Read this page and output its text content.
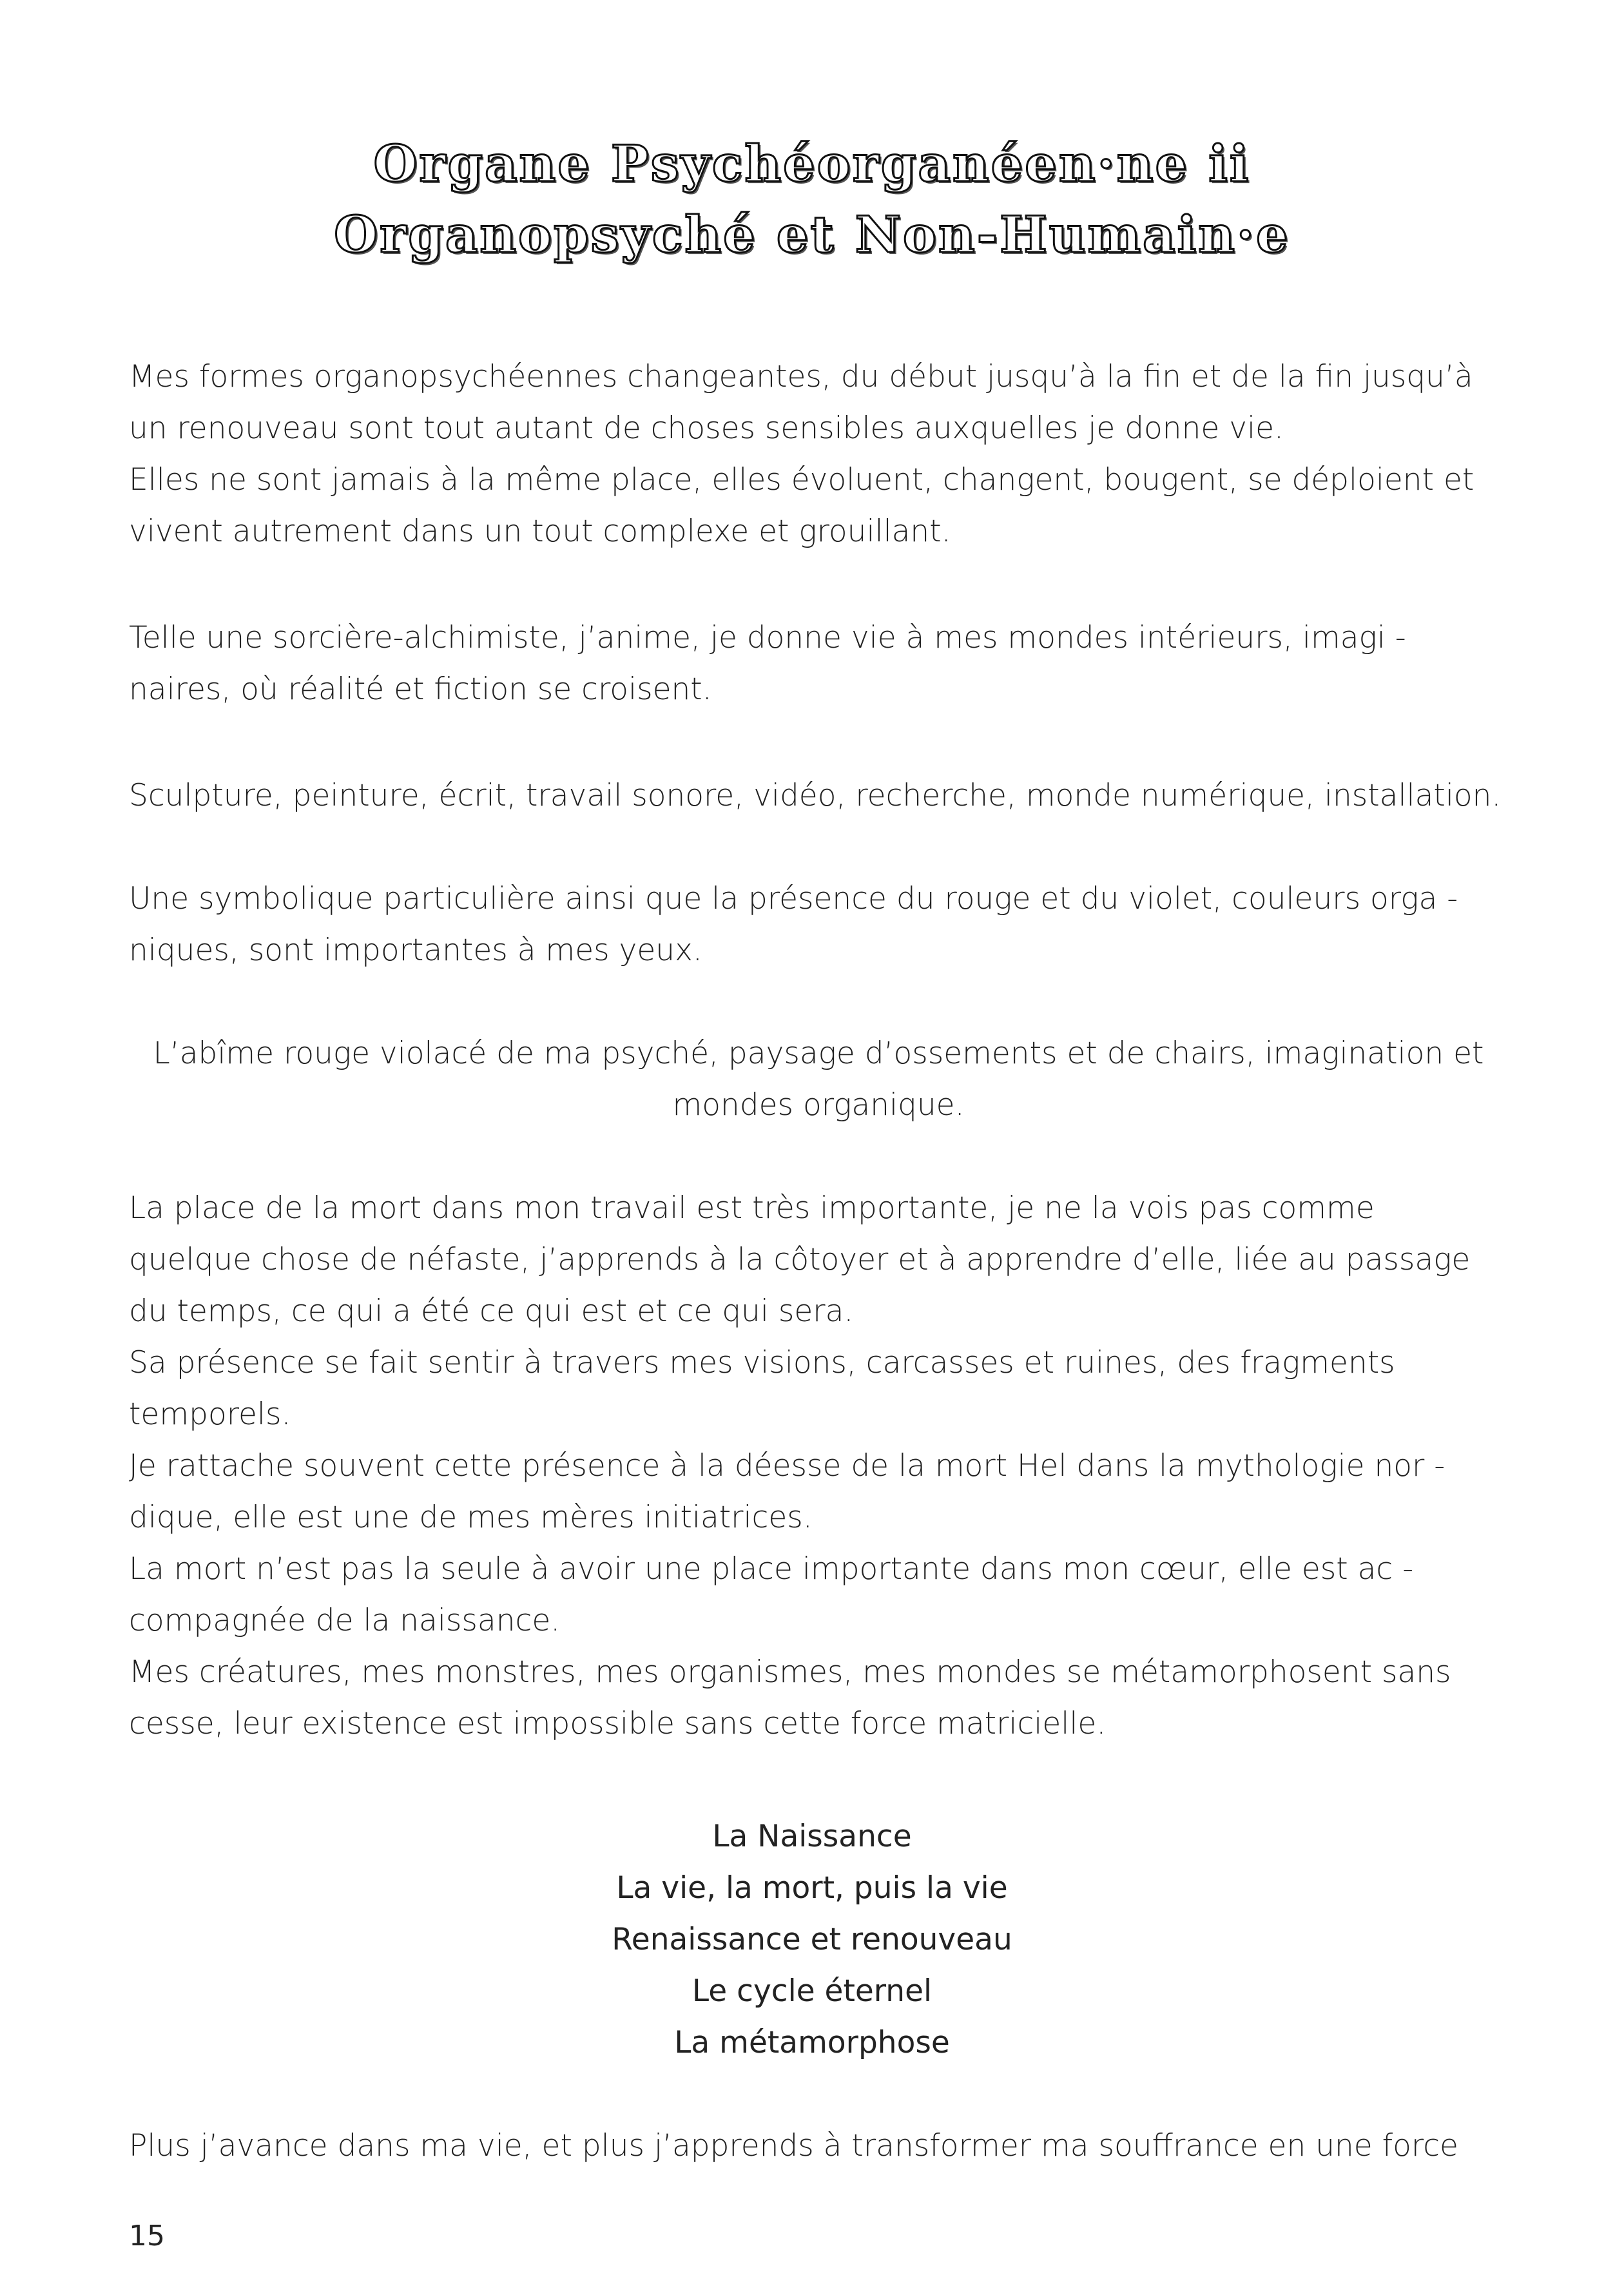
Organe Psychéorganéen·ne ii
Organopsyché et Non-Humain·e
Mes formes organopsychéennes changeantes, du début jusqu’à la fin et de la fin jusqu’à
un renouveau sont tout autant de choses sensibles auxquelles je donne vie.
Elles ne sont jamais à la même place, elles évoluent, changent, bougent, se déploient et
vivent autrement dans un tout complexe et grouillant.
Telle une sorcière-alchimiste, j’anime, je donne vie à mes mondes intérieurs, imagi -
naires, où réalité et fiction se croisent.
Sculpture, peinture, écrit, travail sonore, vidéo, recherche, monde numérique, installation.
Une symbolique particulière ainsi que la présence du rouge et du violet, couleurs orga -
niques, sont importantes à mes yeux.
L’abîme rouge violacé de ma psyché, paysage d’ossements et de chairs, imagination et
mondes organique.
La place de la mort dans mon travail est très importante, je ne la vois pas comme
quelque chose de néfaste, j’apprends à la côtoyer et à apprendre d’elle, liée au passage
du temps, ce qui a été ce qui est et ce qui sera.
Sa présence se fait sentir à travers mes visions, carcasses et ruines, des fragments
temporels.
Je rattache souvent cette présence à la déesse de la mort Hel dans la mythologie nor -
dique, elle est une de mes mères initiatrices.
La mort n’est pas la seule à avoir une place importante dans mon cœur, elle est ac -
compagnée de la naissance.
Mes créatures, mes monstres, mes organismes, mes mondes se métamorphosent sans
cesse, leur existence est impossible sans cette force matricielle.
La Naissance
La vie, la mort, puis la vie
Renaissance et renouveau
Le cycle éternel
La métamorphose
Plus j’avance dans ma vie, et plus j’apprends à transformer ma souffrance en une force
15
